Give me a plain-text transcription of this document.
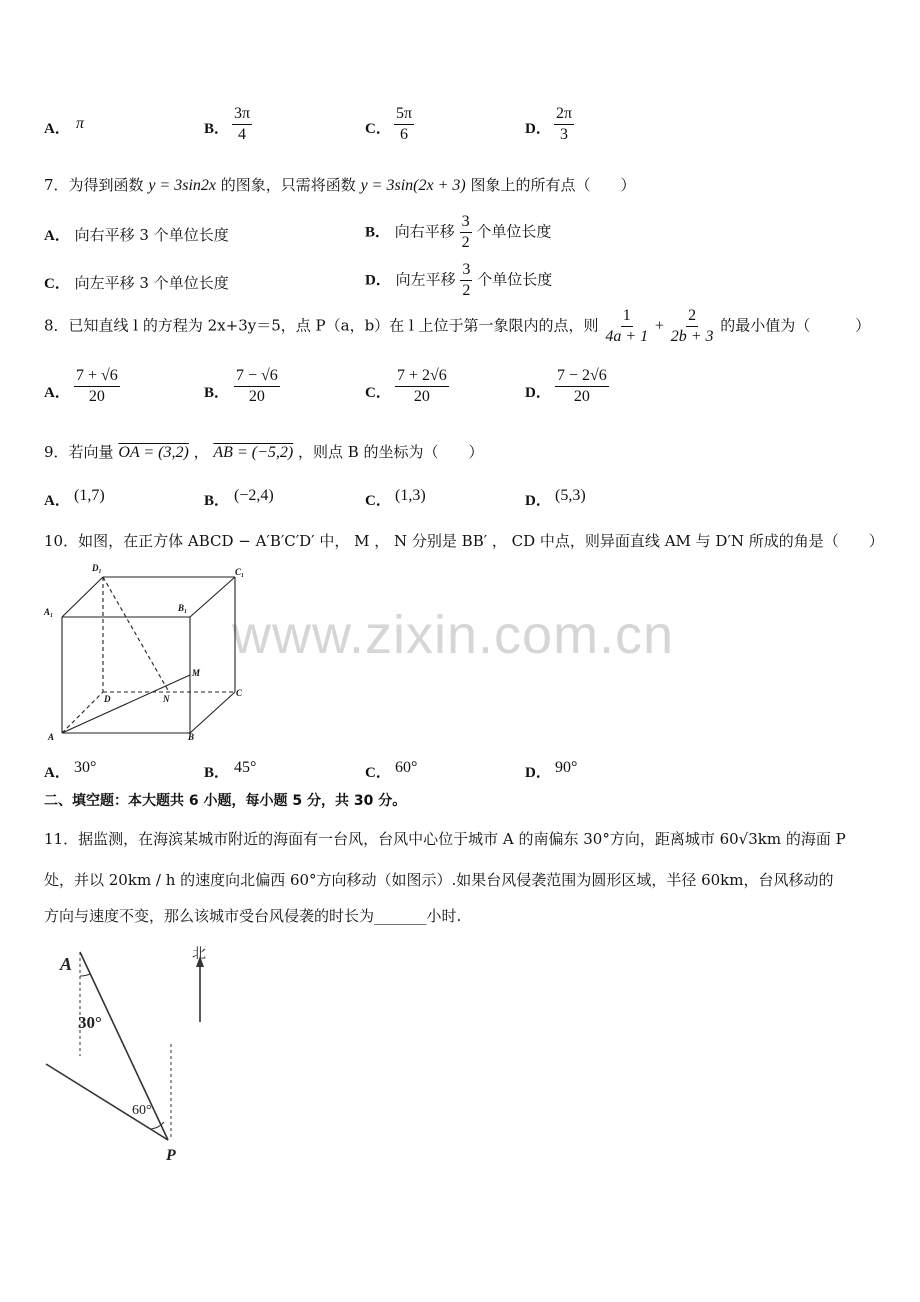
A． π	B． $\frac{3\pi}{4}$	C． $\frac{5\pi}{6}$	D． $\frac{2\pi}{3}$
7．为得到函数 y = 3sin2x 的图象，只需将函数 y = 3sin(2x + 3) 图象上的所有点（　　）
A． 向右平移 3 个单位长度	B． 向右平移 $\frac{3}{2}$ 个单位长度
C． 向左平移 3 个单位长度	D． 向左平移 $\frac{3}{2}$ 个单位长度
8．已知直线 l 的方程为 2x+3y＝5，点 P（a，b）在 l 上位于第一象限内的点，则 $\frac{1}{4a + 1} + \frac{2}{2b + 3}$ 的最小值为（　　　）
A． $\frac{7 + √6}{20}$	B． $\frac{7 - √6}{20}$	C． $\frac{7 + 2√6}{20}$	D． $\frac{7 - 2√6}{20}$
9．若向量 OA = (3,2) ， AB = (−5,2) ，则点 B 的坐标为（　　）
A． (1,7)	B． (−2,4)	C． (1,3)	D． (5,3)
10．如图，在正方体 ABCD − A′B′C′D′ 中， M ， N 分别是 BB′ ， CD 中点，则异面直线 AM 与 D′N 所成的角是（　　）
www.zixin.com.cn
D₁	C₁
A₁	B₁
M
D	N
C
A	B
A． 30°	B． 45°	C． 60°	D． 90°
二、填空题：本大题共 6 小题，每小题 5 分，共 30 分。
11．据监测，在海滨某城市附近的海面有一台风，台风中心位于城市 A 的南偏东 30°方向，距离城市 60√3km 的海面 P
处，并以 20km / h 的速度向北偏西 60°方向移动（如图示）.如果台风侵袭范围为圆形区域，半径 60km，台风移动的
方向与速度不变，那么该城市受台风侵袭的时长为_______小时.
A	北
30°
60°
P
